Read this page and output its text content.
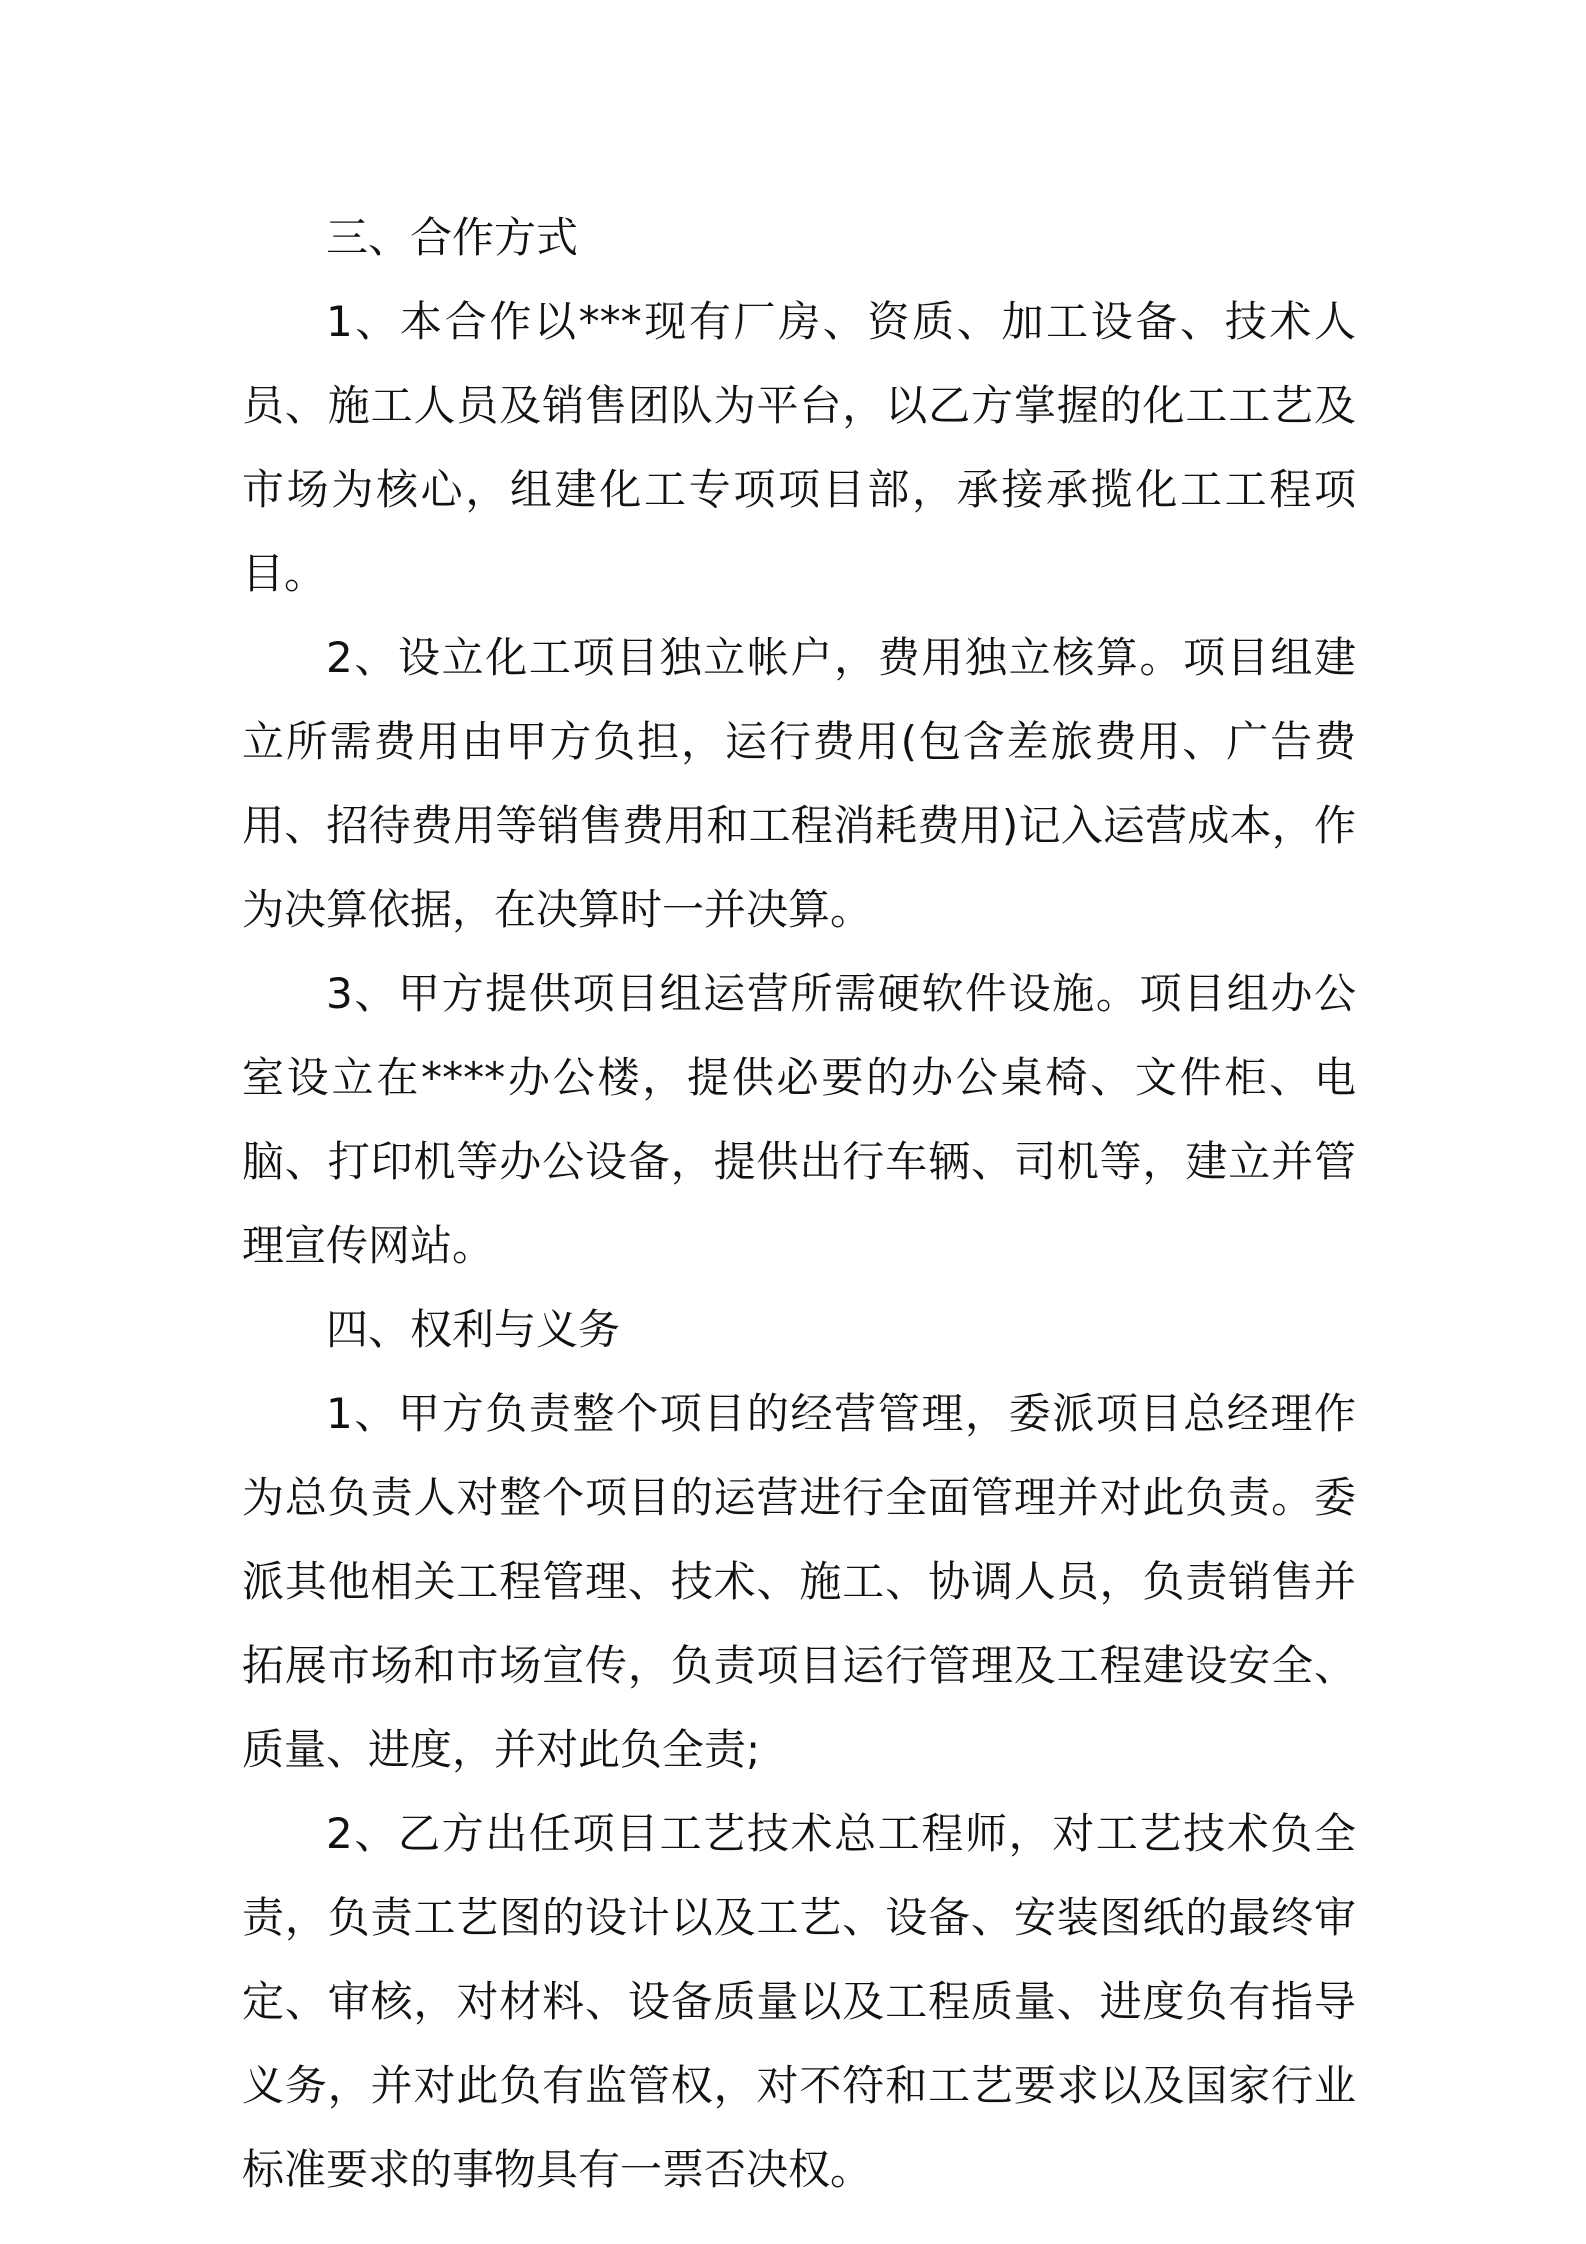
三、合作方式

1、本合作以***现有厂房、资质、加工设备、技术人员、施工人员及销售团队为平台，以乙方掌握的化工工艺及市场为核心，组建化工专项项目部，承接承揽化工工程项目。

2、设立化工项目独立帐户，费用独立核算。项目组建立所需费用由甲方负担，运行费用(包含差旅费用、广告费用、招待费用等销售费用和工程消耗费用)记入运营成本，作为决算依据，在决算时一并决算。

3、甲方提供项目组运营所需硬软件设施。项目组办公室设立在****办公楼，提供必要的办公桌椅、文件柜、电脑、打印机等办公设备，提供出行车辆、司机等，建立并管理宣传网站。

四、权利与义务

1、甲方负责整个项目的经营管理，委派项目总经理作为总负责人对整个项目的运营进行全面管理并对此负责。委派其他相关工程管理、技术、施工、协调人员，负责销售并拓展市场和市场宣传，负责项目运行管理及工程建设安全、质量、进度，并对此负全责;

2、乙方出任项目工艺技术总工程师，对工艺技术负全责，负责工艺图的设计以及工艺、设备、安装图纸的最终审定、审核，对材料、设备质量以及工程质量、进度负有指导义务，并对此负有监管权，对不符和工艺要求以及国家行业标准要求的事物具有一票否决权。
